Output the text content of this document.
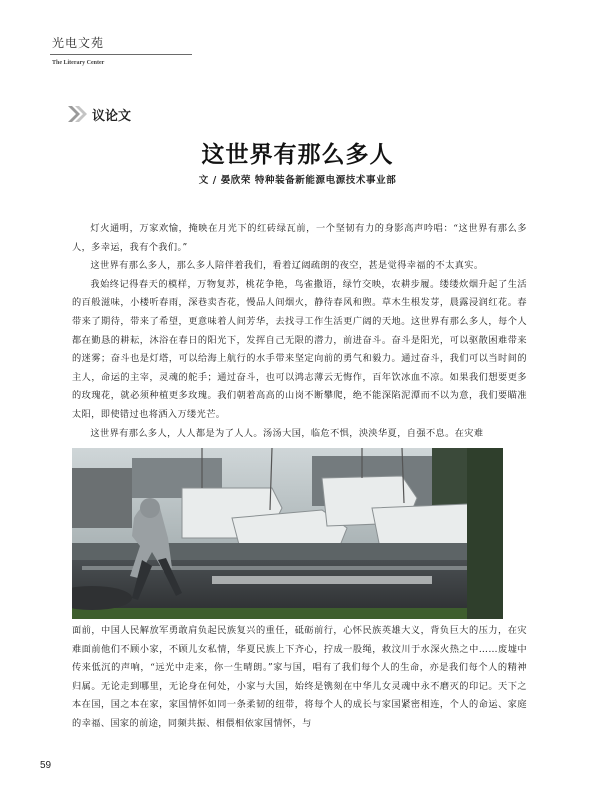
光电文苑
The Literary Center
议论文
这世界有那么多人
文 / 晏欣荣 特种装备新能源电源技术事业部

灯火通明，万家欢愉，掩映在月光下的红砖绿瓦前，一个坚韧有力的身影高声吟唱：“这世界有那么多人，多幸运，我有个我们。”

这世界有那么多人，那么多人陪伴着我们，看着辽阔疏朗的夜空，甚是觉得幸福的不太真实。

我始终记得春天的模样，万物复苏，桃花争艳，鸟雀撒语，绿竹交映，农耕步履。缕缕炊烟升起了生活的百般滋味，小楼听春雨，深巷卖杏花，慢品人间烟火，静待春风和煦。草木生根发芽，晨露浸润红花。春带来了期待，带来了希望，更意味着人间芳华，去找寻工作生活更广阔的天地。这世界有那么多人，每个人都在勤恳的耕耘，沐浴在春日的阳光下，发挥自己无限的潜力，前进奋斗。奋斗是阳光，可以驱散困难带来的迷雾；奋斗也是灯塔，可以给海上航行的水手带来坚定向前的勇气和毅力。通过奋斗，我们可以当时间的主人，命运的主宰，灵魂的舵手；通过奋斗，也可以鸿志薄云无悔作，百年饮冰血不凉。如果我们想要更多的玫瑰花，就必须种植更多玫瑰。我们朝着高高的山岗不断攀爬，绝不能深陷泥潭而不以为意，我们要瞄准太阳，即使错过也将洒入万缕光芒。

这世界有那么多人，人人都是为了人人。汤汤大国，临危不惧，泱泱华夏，自强不息。在灾难

面前，中国人民解放军勇敢肩负起民族复兴的重任，砥砺前行，心怀民族英雄大义，背负巨大的压力，在灾难面前他们不顾小家，不顾儿女私情，华夏民族上下齐心，拧成一股绳，救汶川于水深火热之中……废墟中传来低沉的声响，“远光中走来，你一生晴朗。”家与国，唱有了我们每个人的生命，亦是我们每个人的精神归属。无论走到哪里，无论身在何处，小家与大国，始终是镌刻在中华儿女灵魂中永不磨灭的印记。天下之本在国，国之本在家，家国情怀如同一条柔韧的纽带，将每个人的成长与家国紧密相连，个人的命运、家庭的幸福、国家的前途，同频共振、相偎相依家国情怀，与

59
